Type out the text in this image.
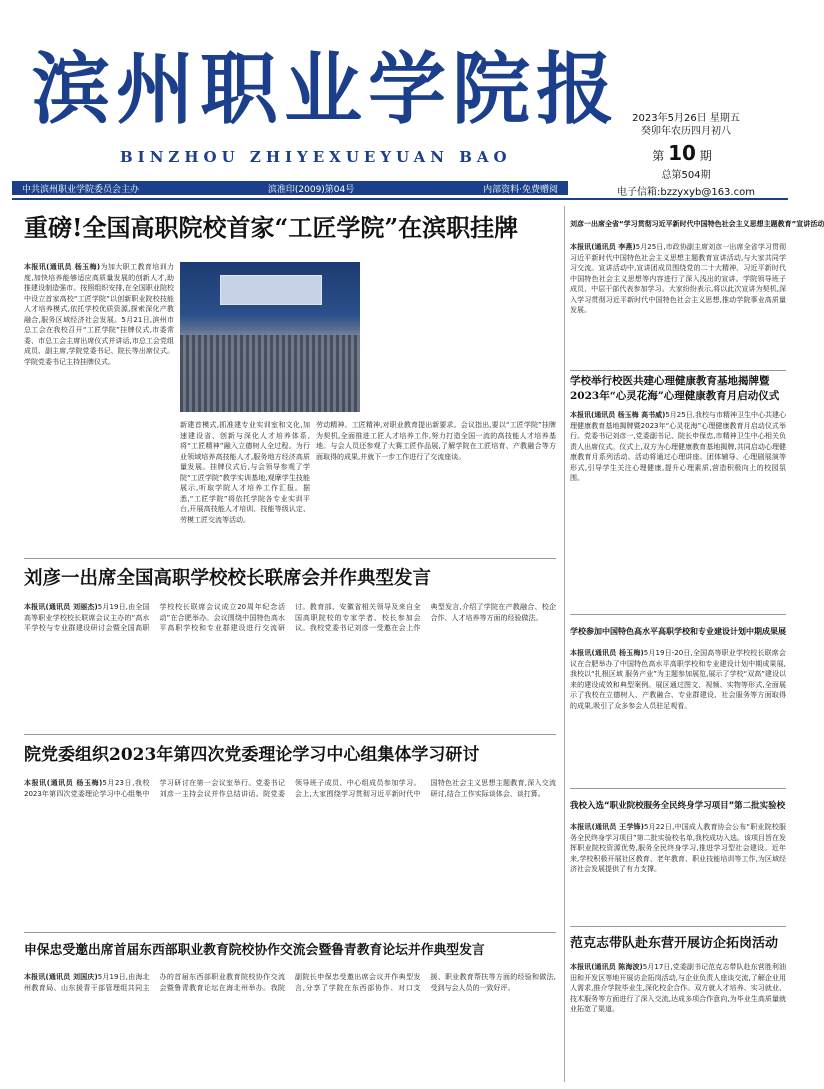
滨州职业学院报
BINZHOU ZHIYEXUEYUAN BAO
2023年5月26日 星期五
癸卯年农历四月初八
第 10 期
总第504期
电子信箱:bzzyxyb@163.com
中共滨州职业学院委员会主办	滨准印(2009)第04号	内部资料·免费赠阅
重磅!全国高职院校首家“工匠学院”在滨职挂牌
本报讯(通讯员 杨玉梅)为加大职工教育培训力度,加快培养能够适应高质量发展的创新人才,助推建设制造强市。按照组织安排,在全国职业院校中设立首家高校“工匠学院”以创新职业院校技能人才培养模式,依托学校优质资源,探索深化产教融合,服务区域经济社会发展。5月21日,滨州市总工会在我校召开“工匠学院”挂牌仪式,市委常委、市总工会主席出席仪式并讲话,市总工会党组成员、副主席,学院党委书记、院长等出席仪式。学院党委书记主持挂牌仪式。
新建首模式,抓准建专业实训室和文化,加速建设省、创新与深化人才培养体系,将“工匠精神”融入立德树人全过程。为行业领域培养高技能人才,服务地方经济高质量发展。挂牌仪式后,与会领导参观了学院“工匠学院”教学实训基地,观摩学生技能展示,听取学院人才培养工作汇报。据悉,“工匠学院”将依托学院各专业实训平台,开展高技能人才培训、技能等级认定、劳模工匠交流等活动。
劳动精神、工匠精神,对职业教育提出新要求。会议指出,要以“工匠学院”挂牌为契机,全面推进工匠人才培养工作,努力打造全国一流的高技能人才培养基地。与会人员还参观了大赛工匠作品展,了解学院在工匠培育、产教融合等方面取得的成果,并就下一步工作进行了交流座谈。
刘彦一出席全国高职学校校长联席会并作典型发言
本报讯(通讯员 刘丽杰)5月19日,由全国高等职业学校校长联席会议主办的“高水平学校与专业群建设研讨会暨全国高职学校校长联席会议成立20周年纪念活动”在合肥举办。会议围绕中国特色高水平高职学校和专业群建设进行交流研讨。教育部、安徽省相关领导及来自全国高职院校的专家学者、校长参加会议。我校党委书记刘彦一受邀在会上作典型发言,介绍了学院在产教融合、校企合作、人才培养等方面的经验做法。
院党委组织2023年第四次党委理论学习中心组集体学习研讨
本报讯(通讯员 杨玉梅)5月23日,我校2023年第四次党委理论学习中心组集中学习研讨在第一会议室举行。党委书记刘彦一主持会议并作总结讲话。院党委领导班子成员、中心组成员参加学习。会上,大家围绕学习贯彻习近平新时代中国特色社会主义思想主题教育,深入交流研讨,结合工作实际谈体会、谈打算。
申保忠受邀出席首届东西部职业教育院校协作交流会暨鲁青教育论坛并作典型发言
本报讯(通讯员 刘国庆)5月19日,由海北州教育局、山东援青干部管理组共同主办的首届东西部职业教育院校协作交流会暨鲁青教育论坛在海北州举办。我院副院长申保忠受邀出席会议并作典型发言,分享了学院在东西部协作、对口支援、职业教育帮扶等方面的经验和做法,受到与会人员的一致好评。
刘彦一出席全省“学习贯彻习近平新时代中国特色社会主义思想主题教育”宣讲活动
本报讯(通讯员 李燕)5月25日,市政协副主席刘彦一出席全省学习贯彻习近平新时代中国特色社会主义思想主题教育宣讲活动,与大家共同学习交流。宣讲活动中,宣讲团成员围绕党的二十大精神、习近平新时代中国特色社会主义思想等内容进行了深入浅出的宣讲。学院领导班子成员、中层干部代表参加学习。大家纷纷表示,将以此次宣讲为契机,深入学习贯彻习近平新时代中国特色社会主义思想,推动学院事业高质量发展。
学校举行校医共建心理健康教育基地揭牌暨2023年“心灵花海”心理健康教育月启动仪式
本报讯(通讯员 杨玉梅 高书威)5月25日,我校与市精神卫生中心共建心理健康教育基地揭牌暨2023年“心灵花海”心理健康教育月启动仪式举行。党委书记刘彦一,党委副书记、院长申保忠,市精神卫生中心相关负责人出席仪式。仪式上,双方为心理健康教育基地揭牌,共同启动心理健康教育月系列活动。活动将通过心理讲座、团体辅导、心理剧展演等形式,引导学生关注心理健康,提升心理素质,营造积极向上的校园氛围。
学校参加中国特色高水平高职学校和专业建设计划中期成果展
本报讯(通讯员 杨玉梅)5月19日-20日,全国高等职业学校校长联席会议在合肥举办了中国特色高水平高职学校和专业建设计划中期成果展,我校以“扎根区域 服务产业”为主题参加展览,展示了学校“双高”建设以来的建设成效和典型案例。展区通过图文、视频、实物等形式,全面展示了我校在立德树人、产教融合、专业群建设、社会服务等方面取得的成果,吸引了众多参会人员驻足观看。
我校入选“职业院校服务全民终身学习项目”第二批实验校
本报讯(通讯员 王学锋)5月22日,中国成人教育协会公布“职业院校服务全民终身学习项目”第二批实验校名单,我校成功入选。该项目旨在发挥职业院校资源优势,服务全民终身学习,推进学习型社会建设。近年来,学校积极开展社区教育、老年教育、职业技能培训等工作,为区域经济社会发展提供了有力支撑。
范克志带队赴东营开展访企拓岗活动
本报讯(通讯员 陈海波)5月17日,党委副书记范克志带队赴东营胜利油田和开发区等地开展访企拓岗活动,与企业负责人座谈交流,了解企业用人需求,推介学院毕业生,深化校企合作。双方就人才培养、实习就业、技术服务等方面进行了深入交流,达成多项合作意向,为毕业生高质量就业拓宽了渠道。
